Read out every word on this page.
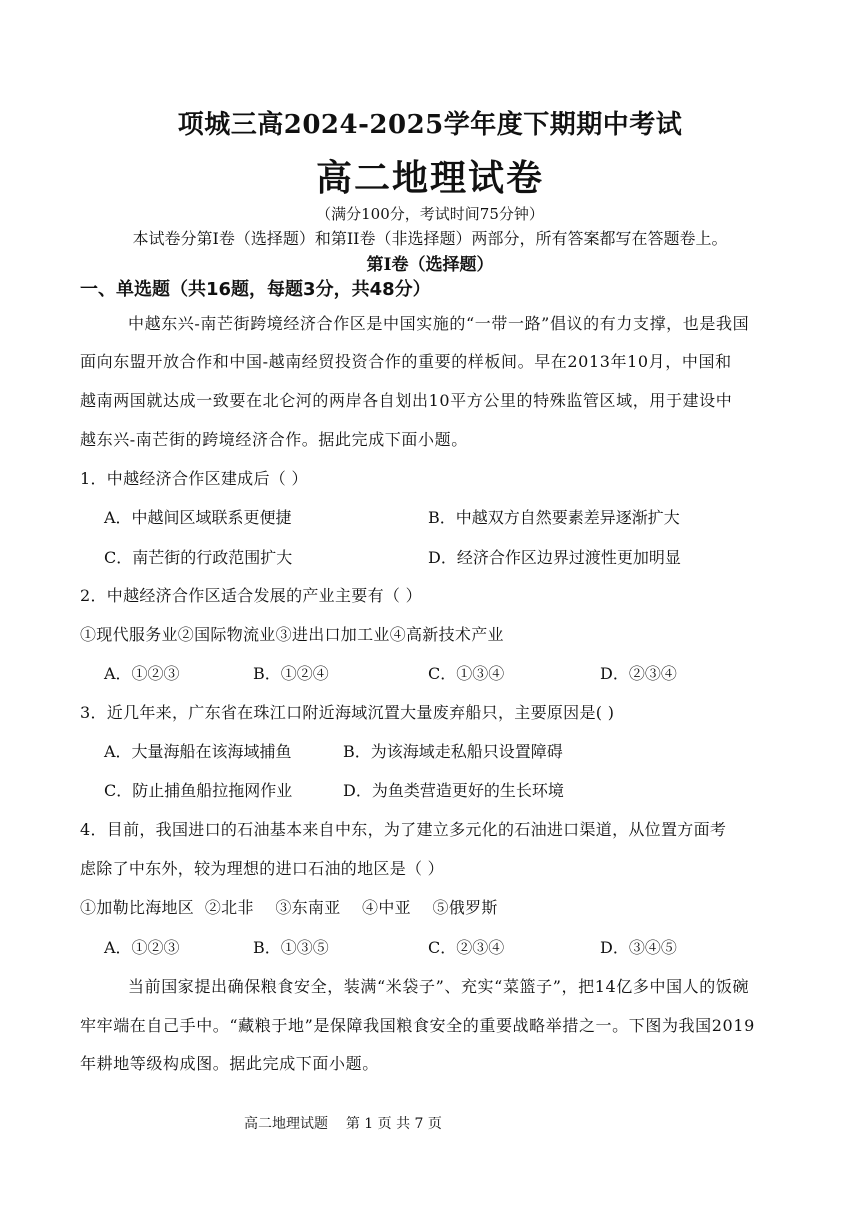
项城三高2024-2025学年度下期期中考试
高二地理试卷
（满分100分，考试时间75分钟）
本试卷分第Ⅰ卷（选择题）和第II卷（非选择题）两部分，所有答案都写在答题卷上。
第Ⅰ卷（选择题）
一、单选题（共16题，每题3分，共48分）
中越东兴-南芒街跨境经济合作区是中国实施的“一带一路”倡议的有力支撑，也是我国
面向东盟开放合作和中国-越南经贸投资合作的重要的样板间。早在2013年10月，中国和
越南两国就达成一致要在北仑河的两岸各自划出10平方公里的特殊监管区域，用于建设中
越东兴-南芒街的跨境经济合作。据此完成下面小题。
1．中越经济合作区建成后（ ）
A．中越间区域联系更便捷	B．中越双方自然要素差异逐渐扩大
C．南芒街的行政范围扩大	D．经济合作区边界过渡性更加明显
2．中越经济合作区适合发展的产业主要有（ ）
①现代服务业②国际物流业③进出口加工业④高新技术产业
A．①②③	B．①②④	C．①③④	D．②③④
3．近几年来，广东省在珠江口附近海域沉置大量废弃船只，主要原因是( )
A．大量海船在该海域捕鱼	B．为该海域走私船只设置障碍
C．防止捕鱼船拉拖网作业	D．为鱼类营造更好的生长环境
4．目前，我国进口的石油基本来自中东，为了建立多元化的石油进口渠道，从位置方面考
虑除了中东外，较为理想的进口石油的地区是（ ）
①加勒比海地区  ②北非    ③东南亚    ④中亚    ⑤俄罗斯
A．①②③	B．①③⑤	C．②③④	D．③④⑤
当前国家提出确保粮食安全，装满“米袋子”、充实“菜篮子”，把14亿多中国人的饭碗
牢牢端在自己手中。“藏粮于地”是保障我国粮食安全的重要战略举措之一。下图为我国2019
年耕地等级构成图。据此完成下面小题。
高二地理试题 第 1 页 共 7 页
